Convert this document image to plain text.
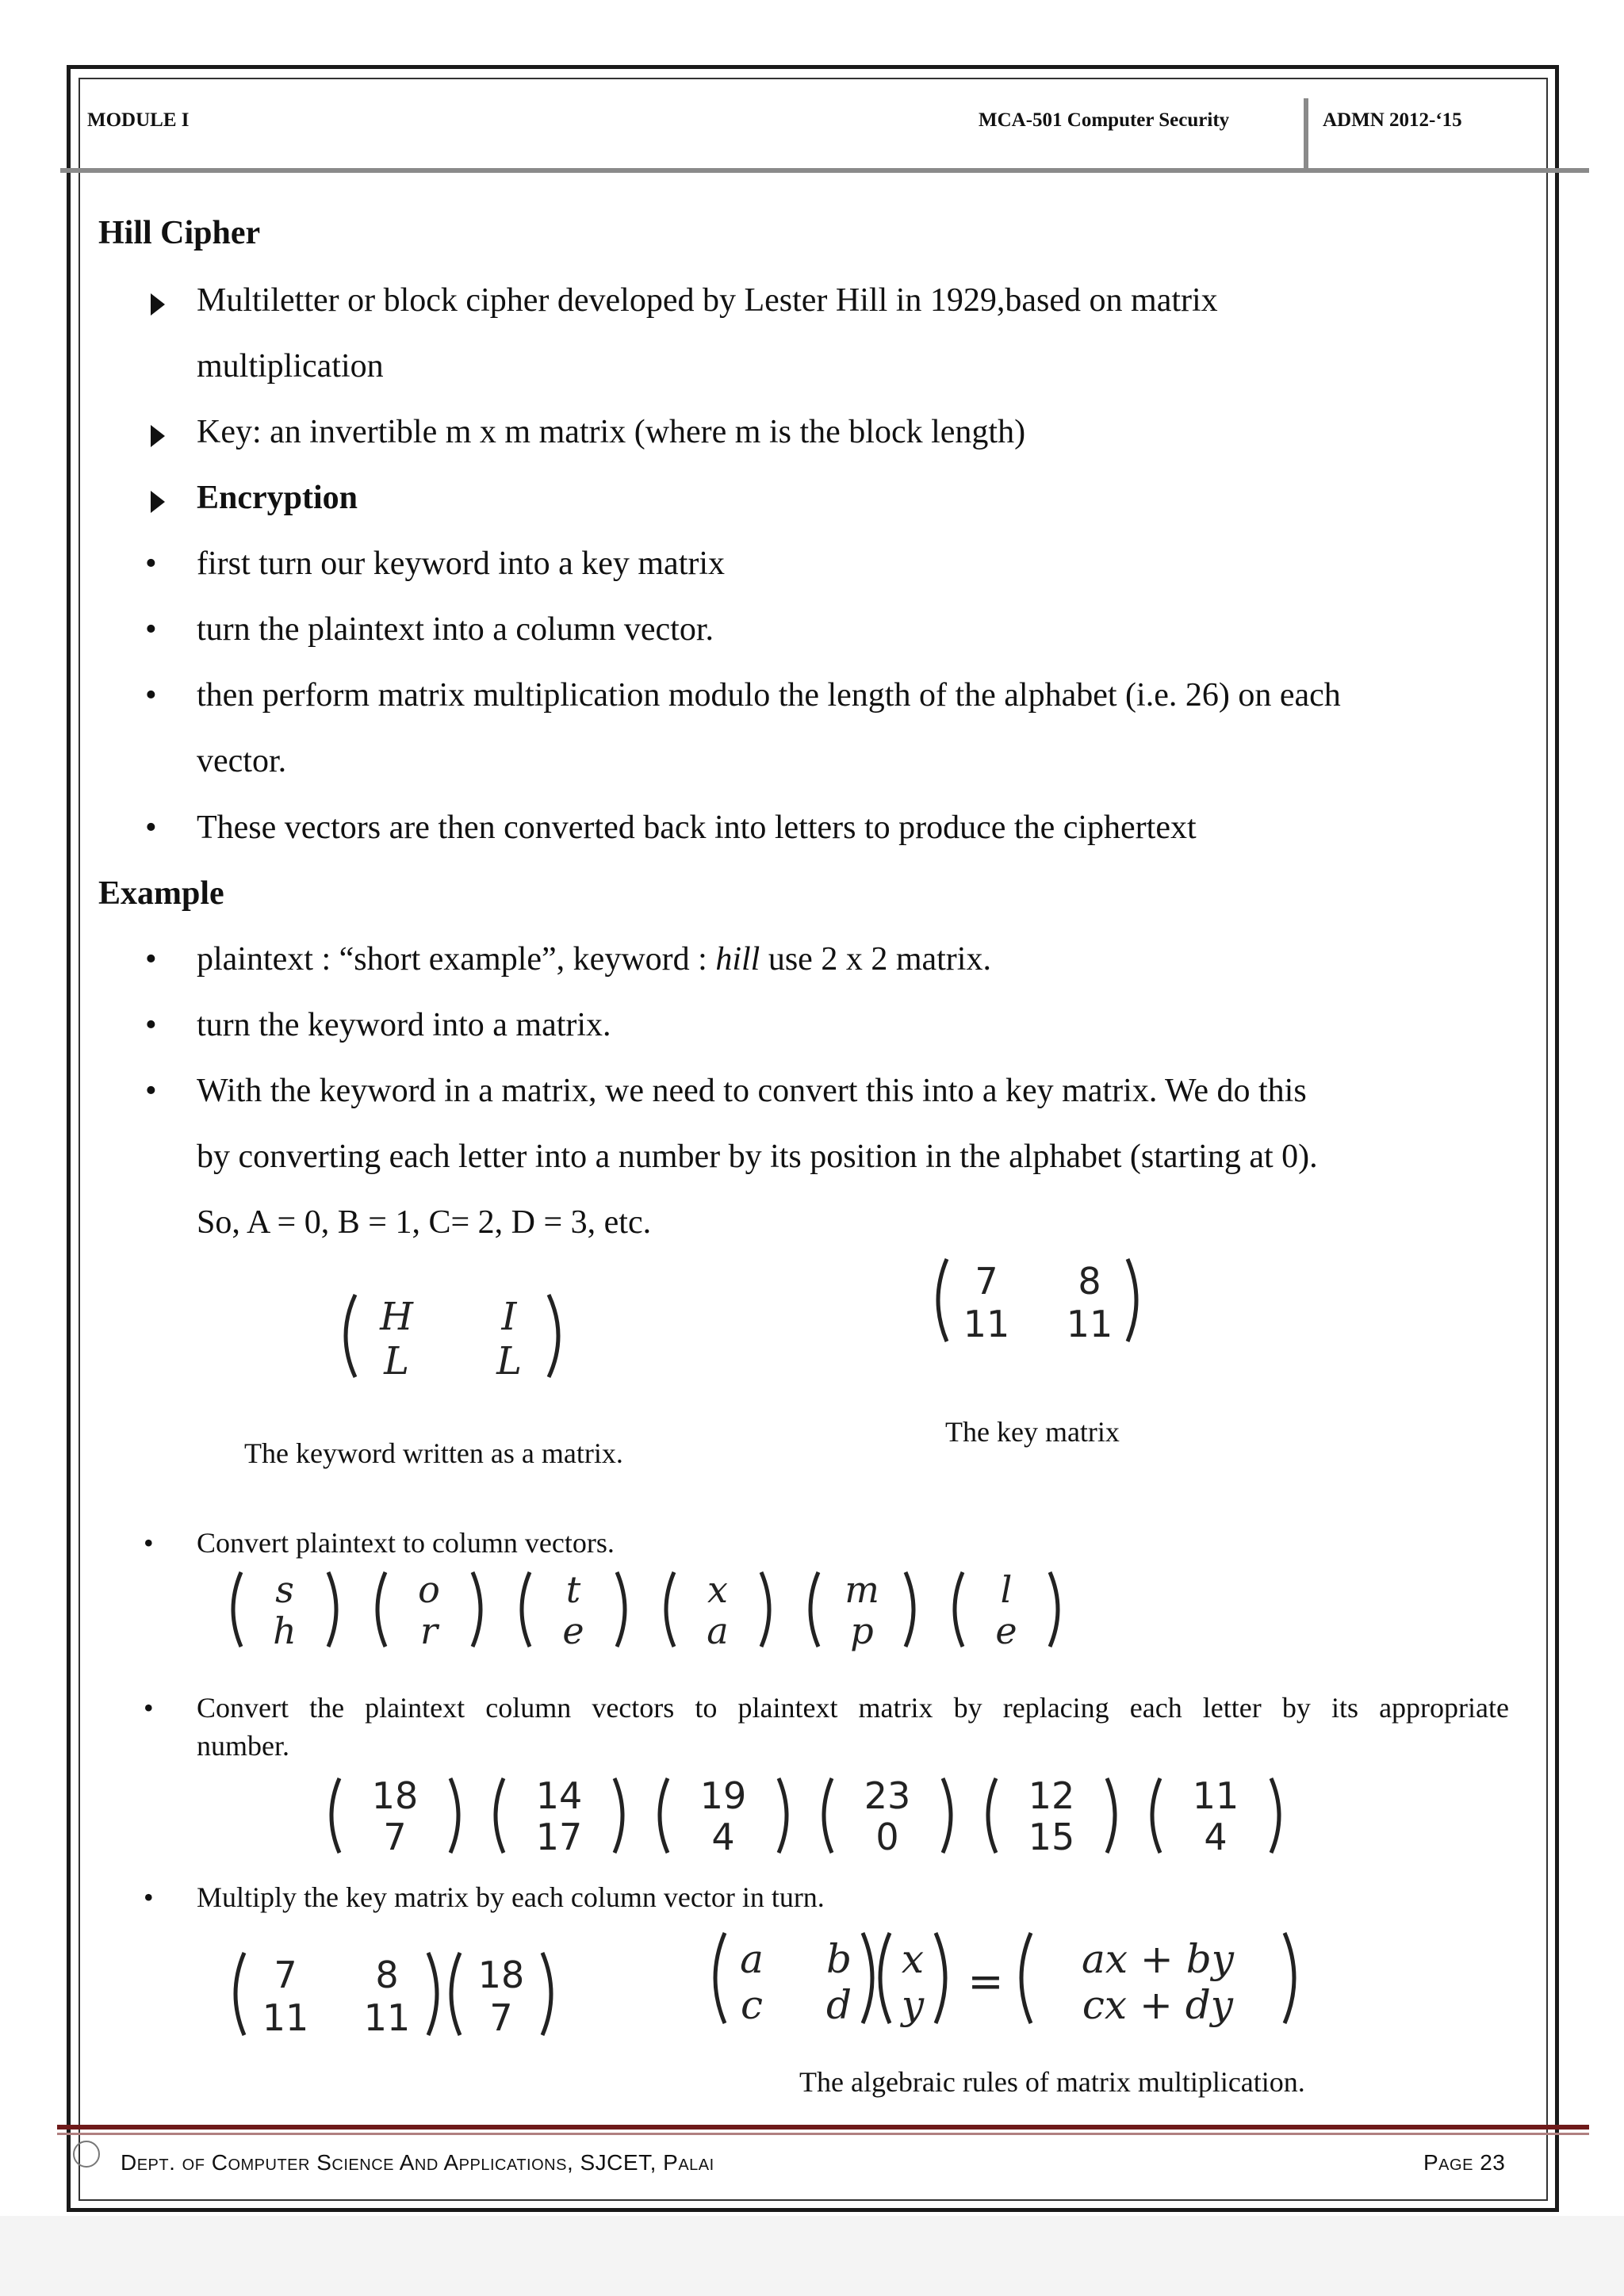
MODULE I	MCA-501 Computer Security	ADMN 2012-‘15
Hill Cipher
Multiletter or block cipher developed by Lester Hill in 1929,based on matrix
multiplication
Key: an invertible m x m matrix (where m is the block length)
Encryption
• first turn our keyword into a key matrix
• turn the plaintext into a column vector.
• then perform matrix multiplication modulo the length of the alphabet (i.e. 26) on each
vector.
• These vectors are then converted back into letters to produce the ciphertext
Example
• plaintext : “short example”, keyword : hill use 2 x 2 matrix.
• turn the keyword into a matrix.
• With the keyword in a matrix, we need to convert this into a key matrix. We do this
by converting each letter into a number by its position in the alphabet (starting at 0).
So, A = 0, B = 1, C= 2, D = 3, etc.
H I
L L
The keyword written as a matrix.
7 8
11 11
The key matrix
• Convert plaintext to column vectors.
s
h
o
r
t
e
x
a
m
p
l
e
• Convert the plaintext column vectors to plaintext matrix by replacing each letter by its appropriate
number.
18
7
14
17
19
4
23
0
12
15
11
4
• Multiply the key matrix by each column vector in turn.
7 8
11 11
18
7
a b
c d
x
y = ax + by
cx + dy
The algebraic rules of matrix multiplication.
Dept. of Computer Science And Applications, SJCET, Palai	Page 23
